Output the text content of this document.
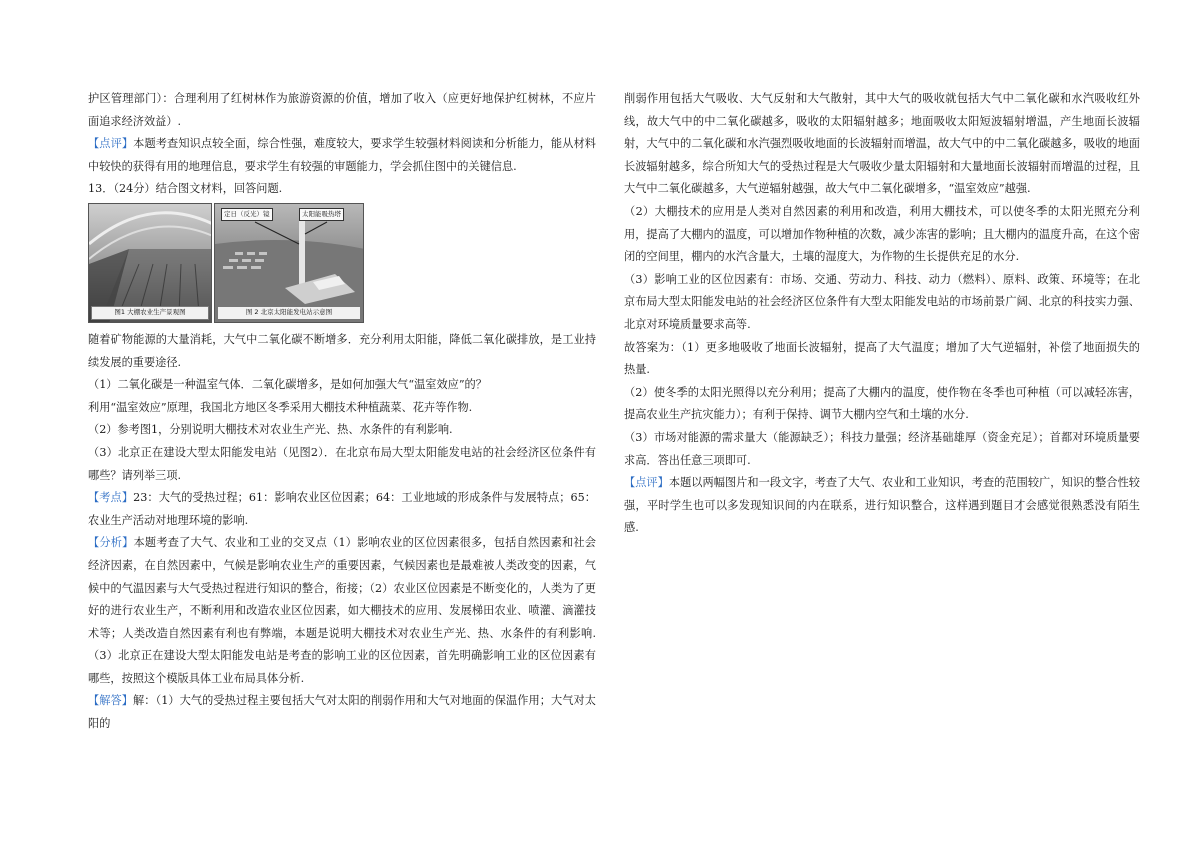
护区管理部门）：合理利用了红树林作为旅游资源的价值，增加了收入（应更好地保护红树林，不应片面追求经济效益）.

【点评】本题考查知识点较全面，综合性强，难度较大，要求学生较强材料阅读和分析能力，能从材料中较快的获得有用的地理信息，要求学生有较强的审题能力，学会抓住图中的关键信息.

13．（24分）结合图文材料，回答问题.

图1 大棚农业生产景观图
定日（反光）镜	太阳能吸热塔
图 2 北京太阳能发电站示意图

随着矿物能源的大量消耗，大气中二氧化碳不断增多．充分利用太阳能，降低二氧化碳排放，是工业持续发展的重要途径.

（1）二氧化碳是一种温室气体．二氧化碳增多，是如何加强大气“温室效应”的？

利用“温室效应”原理，我国北方地区冬季采用大棚技术种植蔬菜、花卉等作物.

（2）参考图1，分别说明大棚技术对农业生产光、热、水条件的有利影响.

（3）北京正在建设大型太阳能发电站（见图2）．在北京布局大型太阳能发电站的社会经济区位条件有哪些？请列举三项.

【考点】23：大气的受热过程；61：影响农业区位因素；64：工业地域的形成条件与发展特点；65：农业生产活动对地理环境的影响.

【分析】本题考查了大气、农业和工业的交叉点（1）影响农业的区位因素很多，包括自然因素和社会经济因素，在自然因素中，气候是影响农业生产的重要因素，气候因素也是最难被人类改变的因素，气候中的气温因素与大气受热过程进行知识的整合，衔接；（2）农业区位因素是不断变化的，人类为了更好的进行农业生产，不断利用和改造农业区位因素，如大棚技术的应用、发展梯田农业、喷灌、滴灌技术等；人类改造自然因素有利也有弊端，本题是说明大棚技术对农业生产光、热、水条件的有利影响.（3）北京正在建设大型太阳能发电站是考查的影响工业的区位因素，首先明确影响工业的区位因素有哪些，按照这个模版具体工业布局具体分析.

【解答】解：（1）大气的受热过程主要包括大气对太阳的削弱作用和大气对地面的保温作用；大气对太阳的

削弱作用包括大气吸收、大气反射和大气散射，其中大气的吸收就包括大气中二氧化碳和水汽吸收红外线，故大气中的中二氧化碳越多，吸收的太阳辐射越多；地面吸收太阳短波辐射增温，产生地面长波辐射，大气中的二氧化碳和水汽强烈吸收地面的长波辐射而增温，故大气中的中二氧化碳越多，吸收的地面长波辐射越多，综合所知大气的受热过程是大气吸收少量太阳辐射和大量地面长波辐射而增温的过程，且大气中二氧化碳越多，大气逆辐射越强，故大气中二氧化碳增多，“温室效应”越强.

（2）大棚技术的应用是人类对自然因素的利用和改造，利用大棚技术，可以使冬季的太阳光照充分利用，提高了大棚内的温度，可以增加作物种植的次数，减少冻害的影响；且大棚内的温度升高，在这个密闭的空间里，棚内的水汽含量大，土壤的湿度大，为作物的生长提供充足的水分.

（3）影响工业的区位因素有：市场、交通、劳动力、科技、动力（燃料）、原料、政策、环境等；在北京布局大型太阳能发电站的社会经济区位条件有大型太阳能发电站的市场前景广阔、北京的科技实力强、北京对环境质量要求高等.

故答案为：（1）更多地吸收了地面长波辐射，提高了大气温度；增加了大气逆辐射，补偿了地面损失的热量.

（2）使冬季的太阳光照得以充分利用；提高了大棚内的温度，使作物在冬季也可种植（可以减轻冻害，提高农业生产抗灾能力）；有利于保持、调节大棚内空气和土壤的水分.

（3）市场对能源的需求量大（能源缺乏）；科技力量强；经济基础雄厚（资金充足）；首都对环境质量要求高．答出任意三项即可.

【点评】本题以两幅图片和一段文字，考查了大气、农业和工业知识，考查的范围较广，知识的整合性较强，平时学生也可以多发现知识间的内在联系，进行知识整合，这样遇到题目才会感觉很熟悉没有陌生感.
